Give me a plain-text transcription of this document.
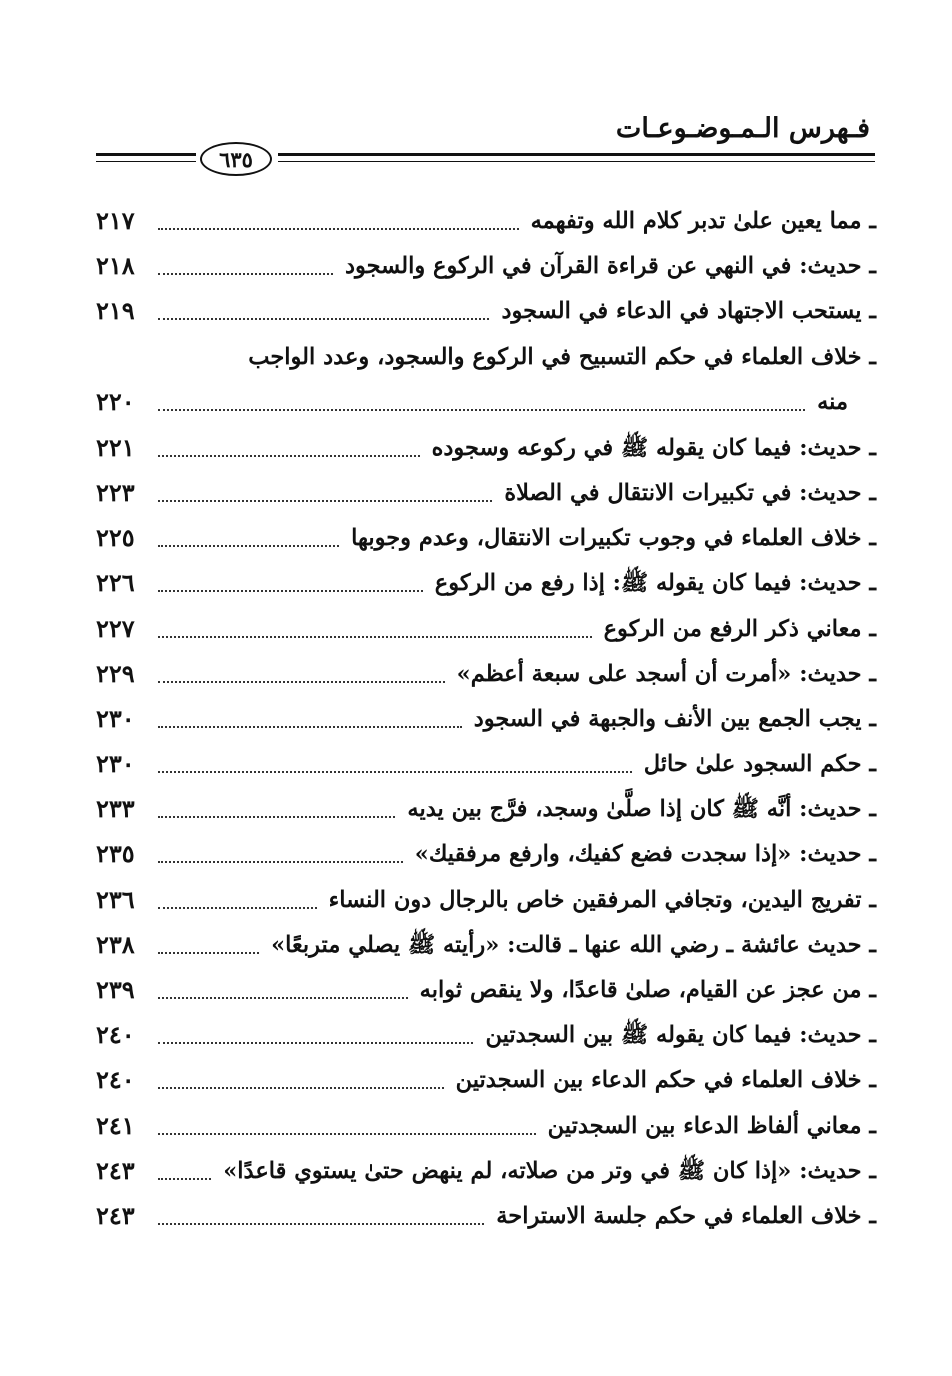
فـهرس الـمـوضـوعـات
٦٣٥
ـ مما يعين علىٰ تدبر كلام الله وتفهمه
٢١٧
ـ حديث: في النهي عن قراءة القرآن في الركوع والسجود
٢١٨
ـ يستحب الاجتهاد في الدعاء في السجود
٢١٩
ـ خلاف العلماء في حكم التسبيح في الركوع والسجود، وعدد الواجب
منه
٢٢٠
ـ حديث: فيما كان يقوله ﷺ في ركوعه وسجوده
٢٢١
ـ حديث: في تكبيرات الانتقال في الصلاة
٢٢٣
ـ خلاف العلماء في وجوب تكبيرات الانتقال، وعدم وجوبها
٢٢٥
ـ حديث: فيما كان يقوله ﷺ: إذا رفع من الركوع
٢٢٦
ـ معاني ذكر الرفع من الركوع
٢٢٧
ـ حديث: «أمرت أن أسجد على سبعة أعظم»
٢٢٩
ـ يجب الجمع بين الأنف والجبهة في السجود
٢٣٠
ـ حكم السجود علىٰ حائل
٢٣٠
ـ حديث: أنَّه ﷺ كان إذا صلَّىٰ وسجد، فرَّج بين يديه
٢٣٣
ـ حديث: «إذا سجدت فضع كفيك، وارفع مرفقيك»
٢٣٥
ـ تفريج اليدين، وتجافي المرفقين خاص بالرجال دون النساء
٢٣٦
ـ حديث عائشة ـ رضي الله عنها ـ قالت: «رأيته ﷺ يصلي متربعًا»
٢٣٨
ـ من عجز عن القيام، صلىٰ قاعدًا، ولا ينقص ثوابه
٢٣٩
ـ حديث: فيما كان يقوله ﷺ بين السجدتين
٢٤٠
ـ خلاف العلماء في حكم الدعاء بين السجدتين
٢٤٠
ـ معاني ألفاظ الدعاء بين السجدتين
٢٤١
ـ حديث: «إذا كان ﷺ في وتر من صلاته، لم ينهض حتىٰ يستوي قاعدًا»
٢٤٣
ـ خلاف العلماء في حكم جلسة الاستراحة
٢٤٣
